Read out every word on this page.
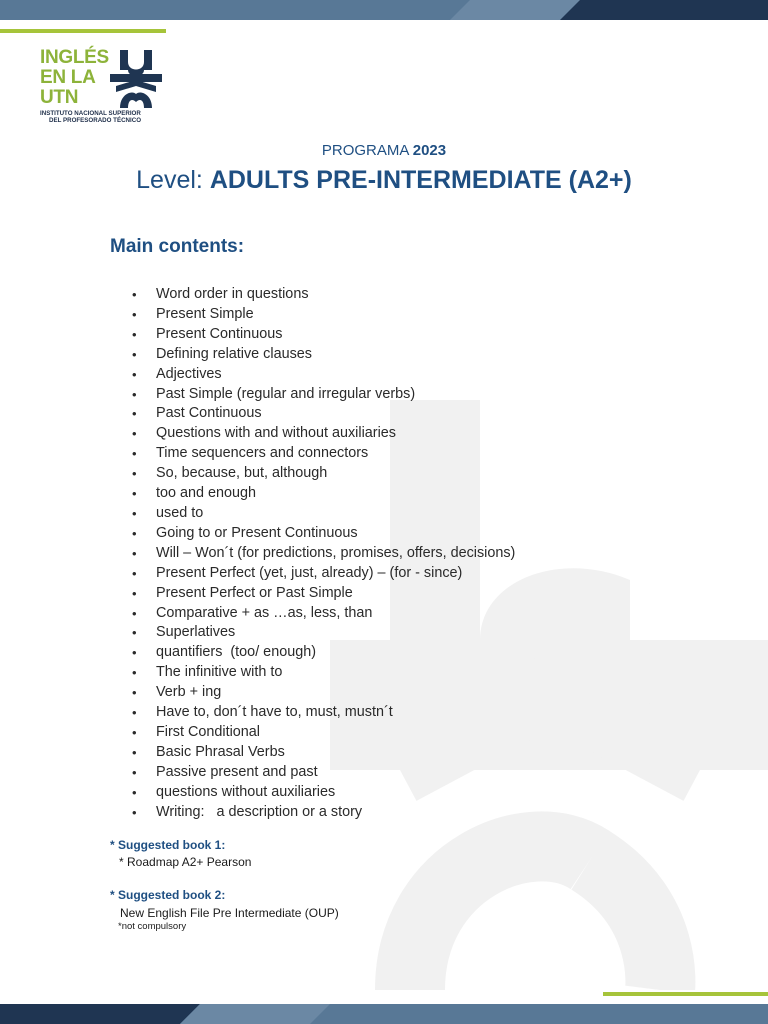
INGLÉS
EN LA
UTN
INSTITUTO NACIONAL SUPERIOR
DEL PROFESORADO TÉCNICO
PROGRAMA 2023
Level: ADULTS PRE-INTERMEDIATE (A2+)
Main contents:
• Word order in questions
• Present Simple
• Present Continuous
• Defining relative clauses
• Adjectives
• Past Simple (regular and irregular verbs)
• Past Continuous
• Questions with and without auxiliaries
• Time sequencers and connectors
• So, because, but, although
• too and enough
• used to
• Going to or Present Continuous
• Will – Won´t (for predictions, promises, offers, decisions)
• Present Perfect (yet, just, already) – (for - since)
• Present Perfect or Past Simple
• Comparative + as …as, less, than
• Superlatives
• quantifiers  (too/ enough)
• The infinitive with to
• Verb + ing
• Have to, don´t have to, must, mustn´t
• First Conditional
• Basic Phrasal Verbs
• Passive present and past
• questions without auxiliaries
• Writing:   a description or a story
* Suggested book 1:
* Roadmap A2+ Pearson
* Suggested book 2:
New English File Pre Intermediate (OUP)
*not compulsory
